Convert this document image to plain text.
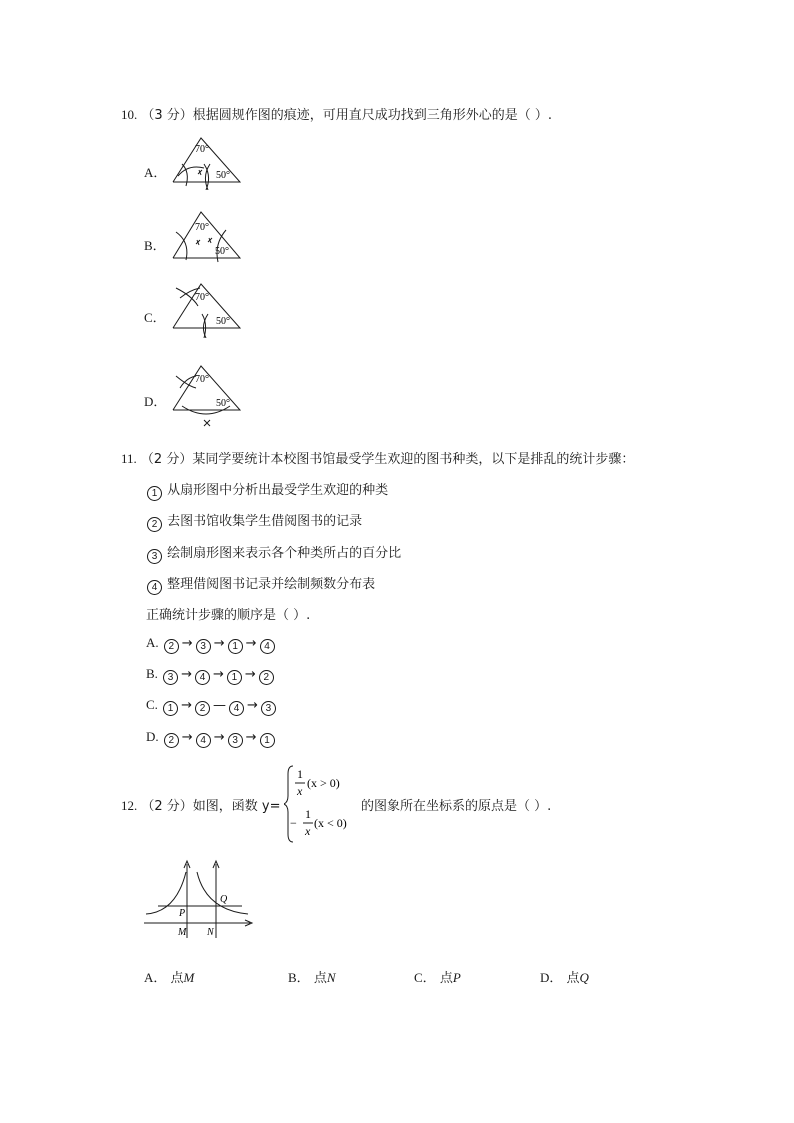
10. （3 分）根据圆规作图的痕迹，可用直尺成功找到三角形外心的是（ ）.
A．
70°
50°
B．
70°
50°
C．
70°
50°
D．
70°
50°
11. （2 分）某同学要统计本校图书馆最受学生欢迎的图书种类，以下是排乱的统计步骤：
1 从扇形图中分析出最受学生欢迎的种类
2 去图书馆收集学生借阅图书的记录
3 绘制扇形图来表示各个种类所占的百分比
4 整理借阅图书记录并绘制频数分布表
正确统计步骤的顺序是（ ）.
A. 2 → 3 → 1 → 4
B. 3 → 4 → 1 → 2
C. 1 → 2 — 4 → 3
D. 2 → 4 → 3 → 1
12. （2 分）如图，函数 y=
1
x
(x > 0)
−
1
x
(x < 0)
的图象所在坐标系的原点是（ ）.
P
Q
M N
A． 点M	B． 点N	C． 点P	D． 点Q
